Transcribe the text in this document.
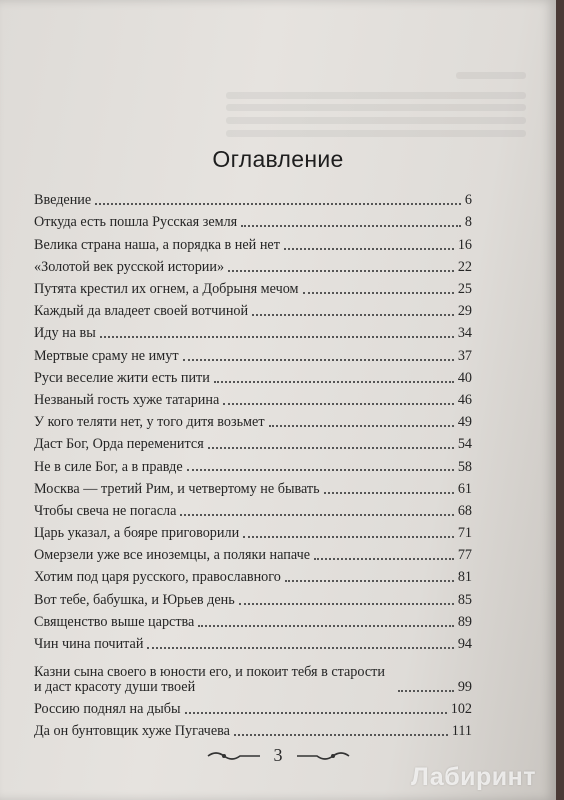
Оглавление
Введение	6
Откуда есть пошла Русская земля	8
Велика страна наша, а порядка в ней нет	16
«Золотой век русской истории»	22
Путята крестил их огнем, а Добрыня мечом	25
Каждый да владеет своей вотчиной	29
Иду на вы	34
Мертвые сраму не имут	37
Руси веселие жити есть пити	40
Незваный гость хуже татарина	46
У кого теляти нет, у того дитя возьмет	49
Даст Бог, Орда переменится	54
Не в силе Бог, а в правде	58
Москва — третий Рим, и четвертому не бывать	61
Чтобы свеча не погасла	68
Царь указал, а бояре приговорили	71
Омерзели уже все иноземцы, а поляки напаче	77
Хотим под царя русского, православного	81
Вот тебе, бабушка, и Юрьев день	85
Священство выше царства	89
Чин чина почитай	94
Казни сына своего в юности его, и покоит тебя в старости и даст красоту души твоей	99
Россию поднял на дыбы	102
Да он бунтовщик хуже Пугачева	111
3
Лабиринт
